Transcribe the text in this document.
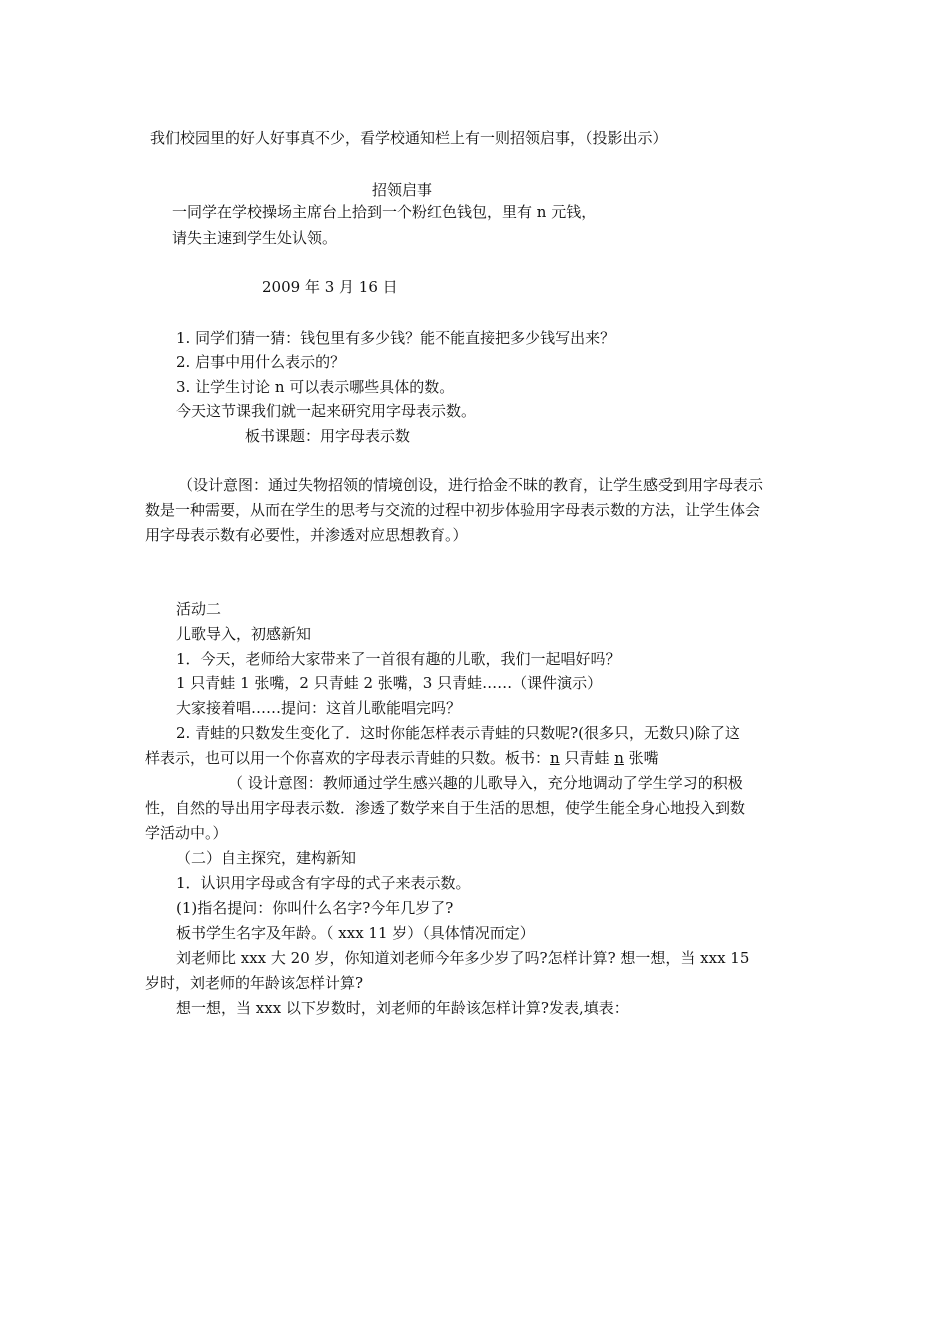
我们校园里的好人好事真不少，看学校通知栏上有一则招领启事，（投影出示）

招领启事

一同学在学校操场主席台上拾到一个粉红色钱包，里有 n 元钱，

请失主速到学生处认领。

2009 年 3 月 16 日

1. 同学们猜一猜：钱包里有多少钱？能不能直接把多少钱写出来？

2. 启事中用什么表示的？

3. 让学生讨论 n 可以表示哪些具体的数。

今天这节课我们就一起来研究用字母表示数。

板书课题：用字母表示数

（设计意图：通过失物招领的情境创设，进行拾金不昧的教育，让学生感受到用字母表示

数是一种需要，从而在学生的思考与交流的过程中初步体验用字母表示数的方法，让学生体会

用字母表示数有必要性，并渗透对应思想教育。）

活动二

儿歌导入，初感新知

1．今天，老师给大家带来了一首很有趣的儿歌，我们一起唱好吗？

1 只青蛙 1 张嘴，2 只青蛙 2 张嘴，3 只青蛙……（课件演示）

大家接着唱……提问：这首儿歌能唱完吗？

2. 青蛙的只数发生变化了．这时你能怎样表示青蛙的只数呢?(很多只，无数只)除了这

样表示，也可以用一个你喜欢的字母表示青蛙的只数。板书：n 只青蛙 n 张嘴

（ 设计意图：教师通过学生感兴趣的儿歌导入，充分地调动了学生学习的积极

性，自然的导出用字母表示数．渗透了数学来自于生活的思想，使学生能全身心地投入到数

学活动中。）

（二）自主探究，建构新知

1．认识用字母或含有字母的式子来表示数。

(1)指名提问：你叫什么名字?今年几岁了?

板书学生名字及年龄。（ xxx 11 岁）（具体情况而定）

刘老师比 xxx 大 20 岁，你知道刘老师今年多少岁了吗?怎样计算? 想一想，当 xxx 15

岁时，刘老师的年龄该怎样计算?

想一想，当 xxx 以下岁数时，刘老师的年龄该怎样计算?发表,填表：
